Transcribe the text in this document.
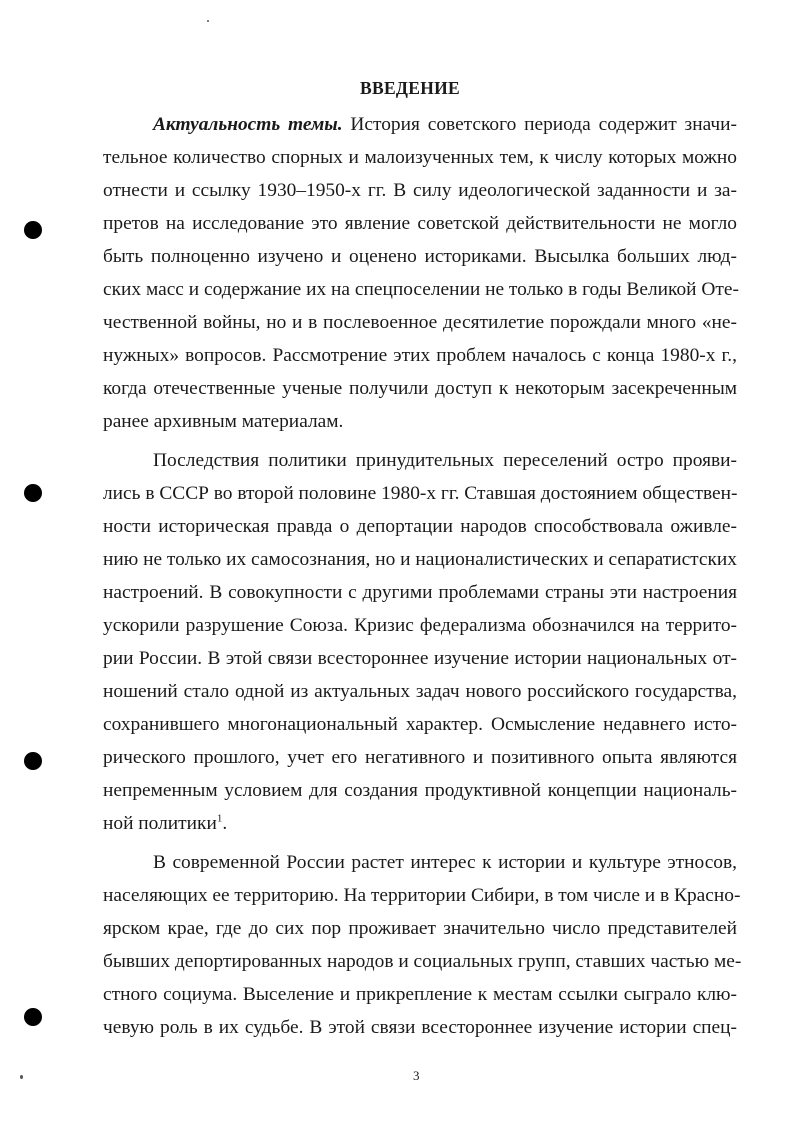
ВВЕДЕНИЕ
Актуальность темы. История советского периода содержит значи-
тельное количество спорных и малоизученных тем, к числу которых можно
отнести и ссылку 1930–1950-х гг. В силу идеологической заданности и за-
претов на исследование это явление советской действительности не могло
быть полноценно изучено и оценено историками. Высылка больших люд-
ских масс и содержание их на спецпоселении не только в годы Великой Оте-
чественной войны, но и в послевоенное десятилетие порождали много «не-
нужных» вопросов. Рассмотрение этих проблем началось с конца 1980-х г.,
когда отечественные ученые получили доступ к некоторым засекреченным
ранее архивным материалам.
Последствия политики принудительных переселений остро прояви-
лись в СССР во второй половине 1980-х гг. Ставшая достоянием обществен-
ности историческая правда о депортации народов способствовала оживле-
нию не только их самосознания, но и националистических и сепаратистских
настроений. В совокупности с другими проблемами страны эти настроения
ускорили разрушение Союза. Кризис федерализма обозначился на террито-
рии России. В этой связи всестороннее изучение истории национальных от-
ношений стало одной из актуальных задач нового российского государства,
сохранившего многонациональный характер. Осмысление недавнего исто-
рического прошлого, учет его негативного и позитивного опыта являются
непременным условием для создания продуктивной концепции националь-
ной политики$^1$.
В современной России растет интерес к истории и культуре этносов,
населяющих ее территорию. На территории Сибири, в том числе и в Красно-
ярском крае, где до сих пор проживает значительно число представителей
бывших депортированных народов и социальных групп, ставших частью ме-
стного социума. Выселение и прикрепление к местам ссылки сыграло клю-
чевую роль в их судьбе. В этой связи всестороннее изучение истории спец-
3
